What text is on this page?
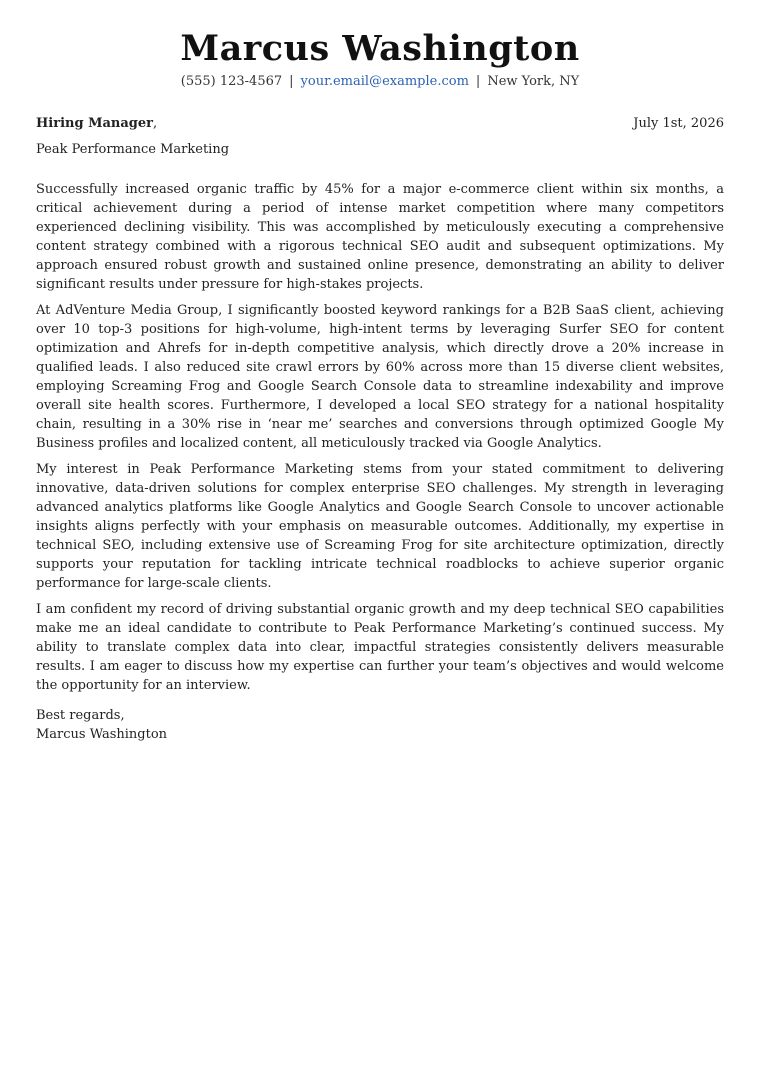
Marcus Washington
(555) 123-4567 | your.email@example.com | New York, NY
Hiring Manager,	July 1st, 2026
Peak Performance Marketing

Successfully increased organic traffic by 45% for a major e-commerce client within six months, a critical achievement during a period of intense market competition where many competitors experienced declining visibility. This was accomplished by meticulously executing a comprehensive content strategy combined with a rigorous technical SEO audit and subsequent optimizations. My approach ensured robust growth and sustained online presence, demonstrating an ability to deliver significant results under pressure for high-stakes projects.

At AdVenture Media Group, I significantly boosted keyword rankings for a B2B SaaS client, achieving over 10 top-3 positions for high-volume, high-intent terms by leveraging Surfer SEO for content optimization and Ahrefs for in-depth competitive analysis, which directly drove a 20% increase in qualified leads. I also reduced site crawl errors by 60% across more than 15 diverse client websites, employing Screaming Frog and Google Search Console data to streamline indexability and improve overall site health scores. Furthermore, I developed a local SEO strategy for a national hospitality chain, resulting in a 30% rise in ‘near me’ searches and conversions through optimized Google My Business profiles and localized content, all meticulously tracked via Google Analytics.

My interest in Peak Performance Marketing stems from your stated commitment to delivering innovative, data-driven solutions for complex enterprise SEO challenges. My strength in leveraging advanced analytics platforms like Google Analytics and Google Search Console to uncover actionable insights aligns perfectly with your emphasis on measurable outcomes. Additionally, my expertise in technical SEO, including extensive use of Screaming Frog for site architecture optimization, directly supports your reputation for tackling intricate technical roadblocks to achieve superior organic performance for large-scale clients.

I am confident my record of driving substantial organic growth and my deep technical SEO capabilities make me an ideal candidate to contribute to Peak Performance Marketing’s continued success. My ability to translate complex data into clear, impactful strategies consistently delivers measurable results. I am eager to discuss how my expertise can further your team’s objectives and would welcome the opportunity for an interview.

Best regards,
Marcus Washington
